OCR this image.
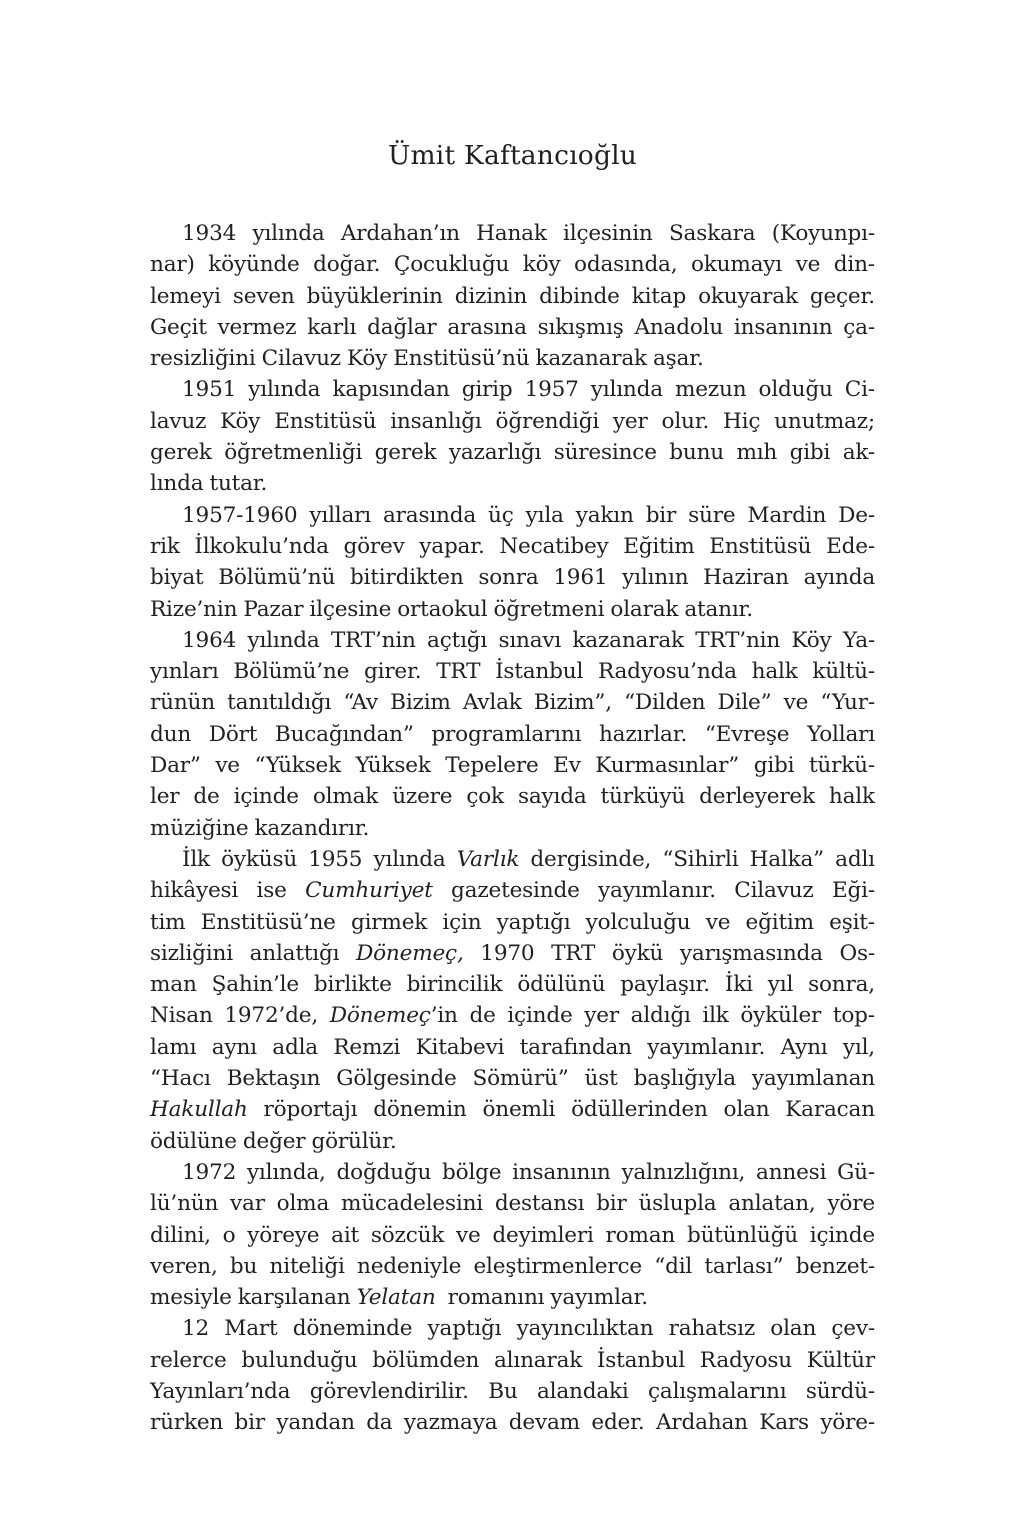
Ümit Kaftancıoğlu
1934 yılında Ardahan’ın Hanak ilçesinin Saskara (Koyunpı-
nar) köyünde doğar. Çocukluğu köy odasında, okumayı ve din-
lemeyi seven büyüklerinin dizinin dibinde kitap okuyarak geçer.
Geçit vermez karlı dağlar arasına sıkışmış Anadolu insanının ça-
resizliğini Cilavuz Köy Enstitüsü’nü kazanarak aşar.
1951 yılında kapısından girip 1957 yılında mezun olduğu Ci-
lavuz Köy Enstitüsü insanlığı öğrendiği yer olur. Hiç unutmaz;
gerek öğretmenliği gerek yazarlığı süresince bunu mıh gibi ak-
lında tutar.
1957-1960 yılları arasında üç yıla yakın bir süre Mardin De-
rik İlkokulu’nda görev yapar. Necatibey Eğitim Enstitüsü Ede-
biyat Bölümü’nü bitirdikten sonra 1961 yılının Haziran ayında
Rize’nin Pazar ilçesine ortaokul öğretmeni olarak atanır.
1964 yılında TRT’nin açtığı sınavı kazanarak TRT’nin Köy Ya-
yınları Bölümü’ne girer. TRT İstanbul Radyosu’nda halk kültü-
rünün tanıtıldığı “Av Bizim Avlak Bizim”, “Dilden Dile” ve “Yur-
dun Dört Bucağından” programlarını hazırlar. “Evreşe Yolları
Dar” ve “Yüksek Yüksek Tepelere Ev Kurmasınlar” gibi türkü-
ler de içinde olmak üzere çok sayıda türküyü derleyerek halk
müziğine kazandırır.
İlk öyküsü 1955 yılında Varlık dergisinde, “Sihirli Halka” adlı
hikâyesi ise Cumhuriyet gazetesinde yayımlanır. Cilavuz Eği-
tim Enstitüsü’ne girmek için yaptığı yolculuğu ve eğitim eşit-
sizliğini anlattığı Dönemeç, 1970 TRT öykü yarışmasında Os-
man Şahin’le birlikte birincilik ödülünü paylaşır. İki yıl sonra,
Nisan 1972’de, Dönemeç’in de içinde yer aldığı ilk öyküler top-
lamı aynı adla Remzi Kitabevi tarafından yayımlanır. Aynı yıl,
“Hacı Bektaşın Gölgesinde Sömürü” üst başlığıyla yayımlanan
Hakullah röportajı dönemin önemli ödüllerinden olan Karacan
ödülüne değer görülür.
1972 yılında, doğduğu bölge insanının yalnızlığını, annesi Gü-
lü’nün var olma mücadelesini destansı bir üslupla anlatan, yöre
dilini, o yöreye ait sözcük ve deyimleri roman bütünlüğü içinde
veren, bu niteliği nedeniyle eleştirmenlerce “dil tarlası” benzet-
mesiyle karşılanan Yelatan romanını yayımlar.
12 Mart döneminde yaptığı yayıncılıktan rahatsız olan çev-
relerce bulunduğu bölümden alınarak İstanbul Radyosu Kültür
Yayınları’nda görevlendirilir. Bu alandaki çalışmalarını sürdü-
rürken bir yandan da yazmaya devam eder. Ardahan Kars yöre-
